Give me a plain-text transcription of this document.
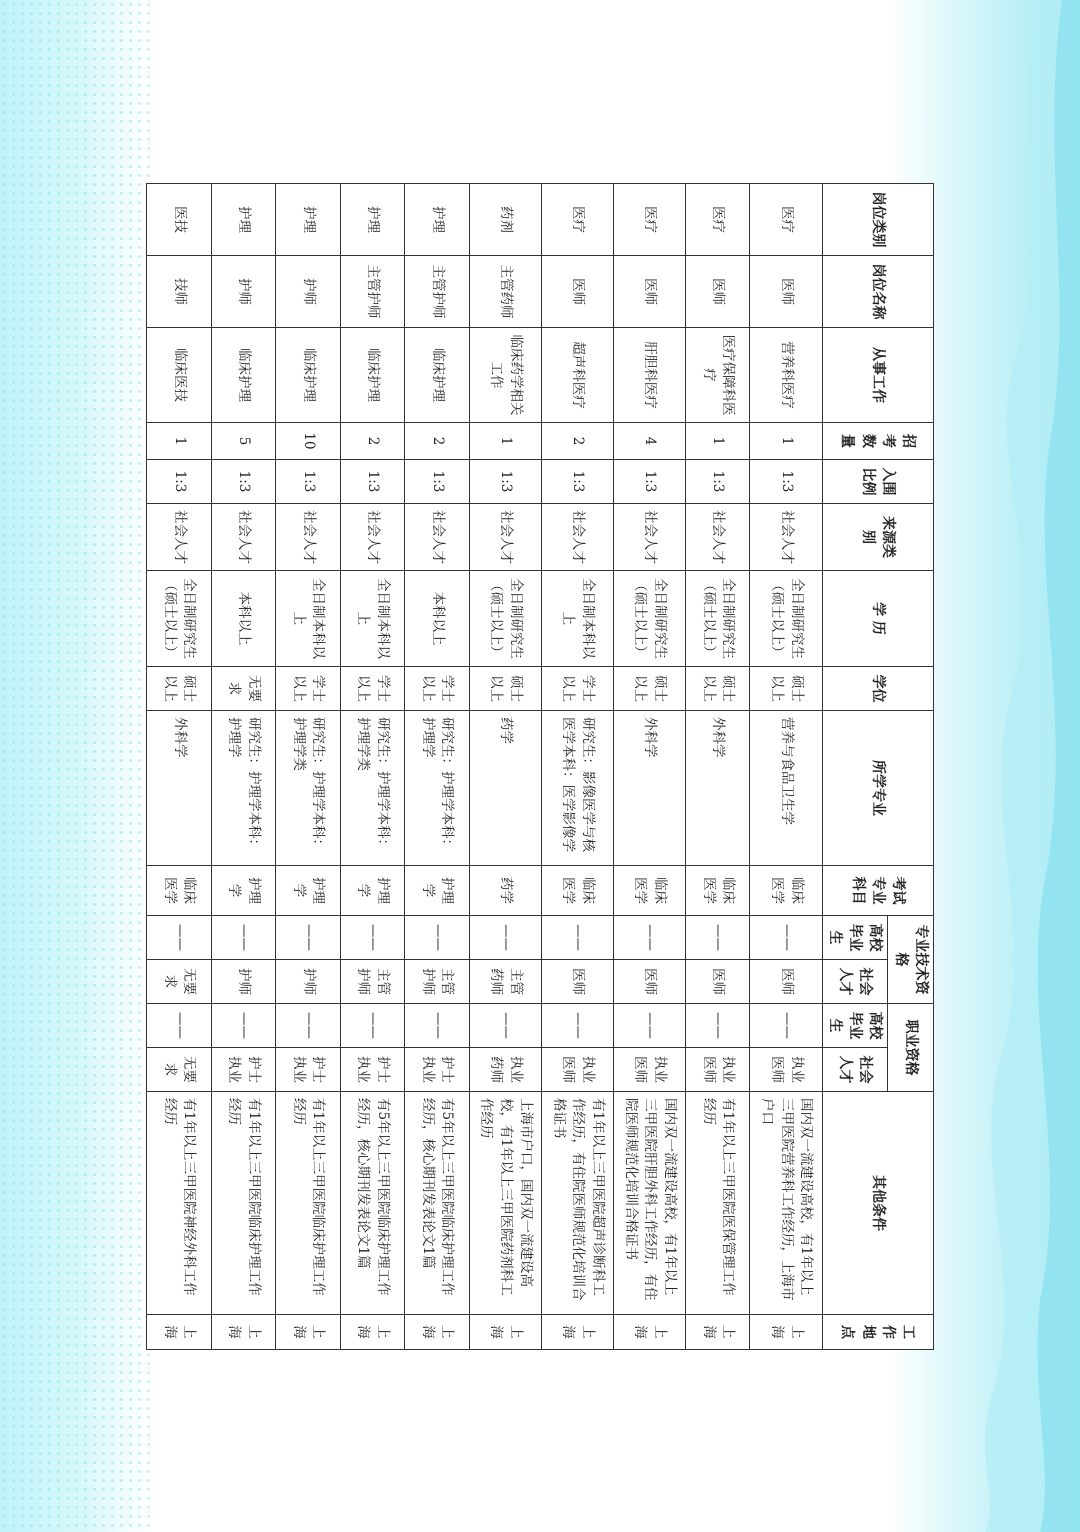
岗位类别	岗位名称	从事工作	招考数量	入围比例	来源类别	学 历	学位	所学专业	考试专业科目	专业技术资格		职业资格		其他条件	工作地点
										高校毕业生	社会人才	高校毕业生	社会人才		
医疗	医师	营养科医疗	1	1:3	社会人才	全日制研究生（硕士以上）	硕士以上	营养与食品卫生学	临床医学	——	医师	——	执业医师	国内双一流建设高校，有1年以上三甲医院营养科工作经历，上海市户口	上海
医疗	医师	医疗保障科医疗	1	1:3	社会人才	全日制研究生（硕士以上）	硕士以上	外科学	临床医学	——	医师	——	执业医师	有1年以上三甲医院医保管理工作经历	上海
医疗	医师	肝胆科医疗	4	1:3	社会人才	全日制研究生（硕士以上）	硕士以上	外科学	临床医学	——	医师	——	执业医师	国内双一流建设高校，有1年以上三甲医院肝胆外科工作经历，有住院医师规范化培训合格证书	上海
医疗	医师	超声科医疗	2	1:3	社会人才	全日制本科以上	学士以上	研究生：影像医学与核医学本科：医学影像学	临床医学	——	医师	——	执业医师	有1年以上三甲医院超声诊断科工作经历，有住院医师规范化培训合格证书	上海
药剂	主管药师	临床药学相关工作	1	1:3	社会人才	全日制研究生（硕士以上）	硕士以上	药学	药学	——	主管药师	——	执业药师	上海市户口，国内双一流建设高校，有1年以上三甲医院药剂科工作经历	上海
护理	主管护师	临床护理	2	1:3	社会人才	本科以上	学士以上	研究生：护理学本科：护理学	护理学	——	主管护师	——	护士执业	有5年以上三甲医院临床护理工作经历，核心期刊发表论文1篇	上海
护理	主管护师	临床护理	2	1:3	社会人才	全日制本科以上	学士以上	研究生：护理学本科：护理学类	护理学	——	主管护师	——	护士执业	有5年以上三甲医院临床护理工作经历，核心期刊发表论文1篇	上海
护理	护师	临床护理	10	1:3	社会人才	全日制本科以上	学士以上	研究生：护理学本科：护理学类	护理学	——	护师	——	护士执业	有1年以上三甲医院临床护理工作经历	上海
护理	护师	临床护理	5	1:3	社会人才	本科以上	无要求	研究生：护理学本科：护理学	护理学	——	护师	——	护士执业	有1年以上三甲医院临床护理工作经历	上海
医技	技师	临床医技	1	1:3	社会人才	全日制研究生（硕士以上）	硕士以上	外科学	临床医学	——	无要求	——	无要求	有1年以上三甲医院神经外科工作经历	上海
